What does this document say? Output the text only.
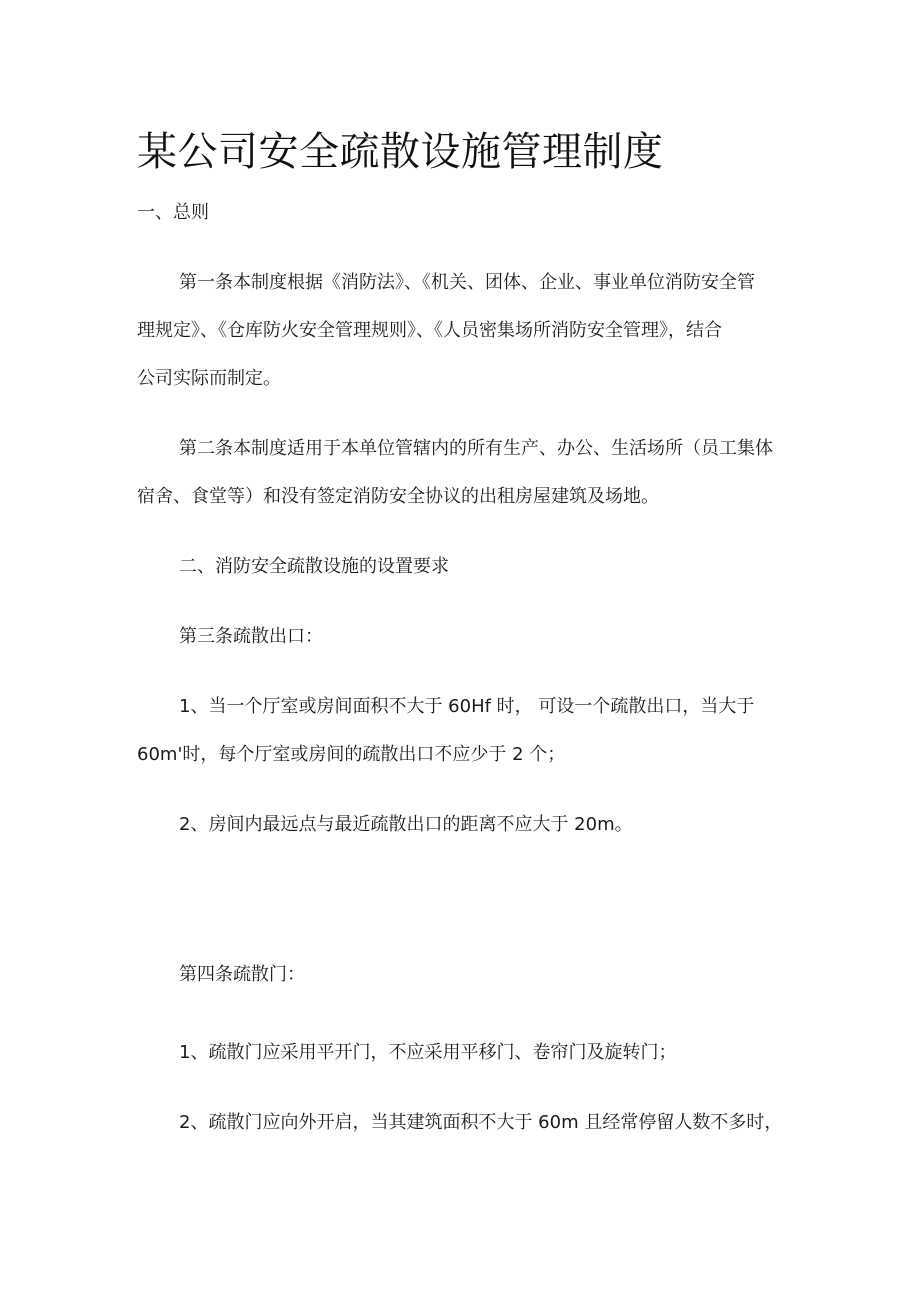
某公司安全疏散设施管理制度

一、总则

第一条本制度根据《消防法》、《机关、团体、企业、事业单位消防安全管

理规定》、《仓库防火安全管理规则》、《人员密集场所消防安全管理》，结合

公司实际而制定。

第二条本制度适用于本单位管辖内的所有生产、办公、生活场所（员工集体

宿舍、食堂等）和没有签定消防安全协议的出租房屋建筑及场地。

二、消防安全疏散设施的设置要求

第三条疏散出口：

1、当一个厅室或房间面积不大于 60Hf 时， 可设一个疏散出口，当大于

60m'时，每个厅室或房间的疏散出口不应少于 2 个；

2、房间内最远点与最近疏散出口的距离不应大于 20m。

第四条疏散门：

1、疏散门应采用平开门，不应采用平移门、卷帘门及旋转门；

2、疏散门应向外开启，当其建筑面积不大于 60m 且经常停留人数不多时，
